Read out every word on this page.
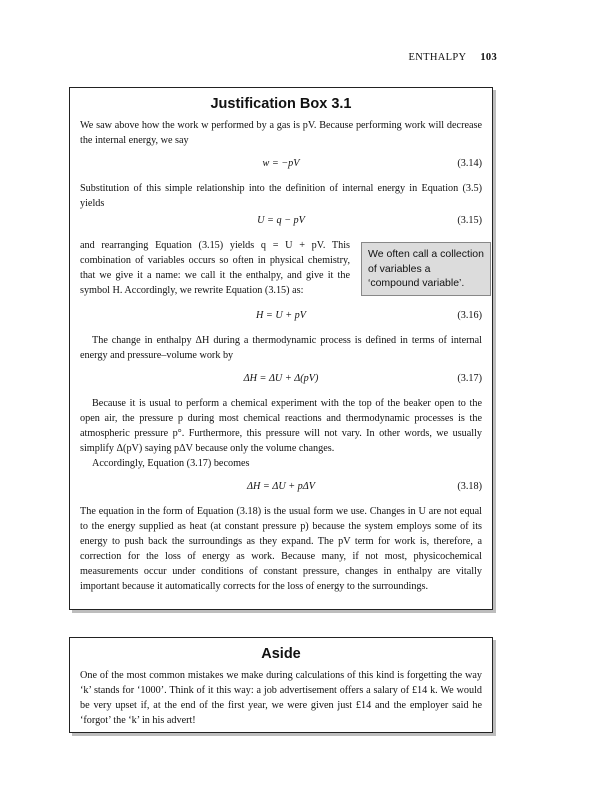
ENTHALPY 103
Justification Box 3.1

We saw above how the work w performed by a gas is pV. Because performing work will decrease the internal energy, we say

w = −pV	(3.14)

Substitution of this simple relationship into the definition of internal energy in Equation (3.5) yields

U = q − pV	(3.15)

and rearranging Equation (3.15) yields q = U + pV. This combination of variables occurs so often in physical chemistry, that we give it a name: we call it the enthalpy, and give it the symbol H. Accordingly, we rewrite Equation (3.15) as:

We often call a collection of variables a ‘compound variable’.
H = U + pV	(3.16)

The change in enthalpy ΔH during a thermodynamic process is defined in terms of internal energy and pressure–volume work by

ΔH = ΔU + Δ(pV)	(3.17)

Because it is usual to perform a chemical experiment with the top of the beaker open to the open air, the pressure p during most chemical reactions and thermodynamic processes is the atmospheric pressure p°. Furthermore, this pressure will not vary. In other words, we usually simplify Δ(pV) saying pΔV because only the volume changes.

Accordingly, Equation (3.17) becomes

ΔH = ΔU + pΔV	(3.18)

The equation in the form of Equation (3.18) is the usual form we use. Changes in U are not equal to the energy supplied as heat (at constant pressure p) because the system employs some of its energy to push back the surroundings as they expand. The pV term for work is, therefore, a correction for the loss of energy as work. Because many, if not most, physicochemical measurements occur under conditions of constant pressure, changes in enthalpy are vitally important because it automatically corrects for the loss of energy to the surroundings.

Aside

One of the most common mistakes we make during calculations of this kind is forgetting the way ‘k’ stands for ‘1000’. Think of it this way: a job advertisement offers a salary of £14 k. We would be very upset if, at the end of the first year, we were given just £14 and the employer said he ‘forgot’ the ‘k’ in his advert!
